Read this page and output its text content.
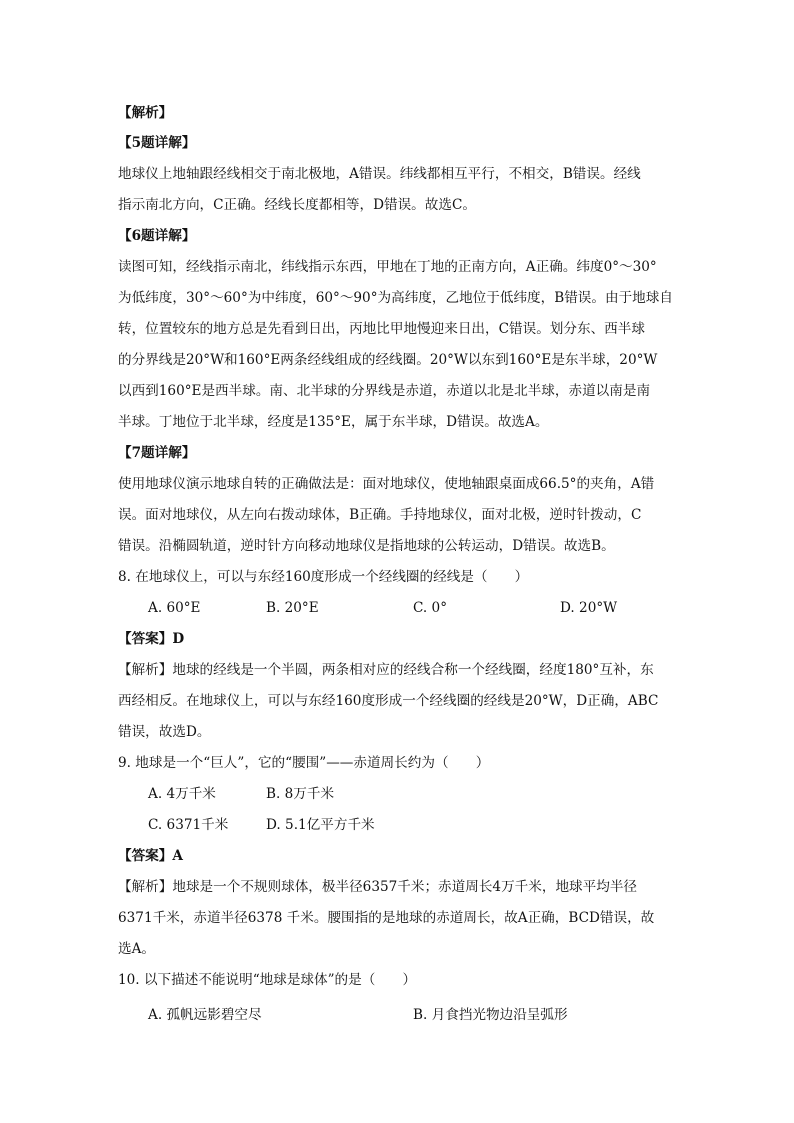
【解析】
【5题详解】
地球仪上地轴跟经线相交于南北极地，A错误。纬线都相互平行，不相交，B错误。经线
指示南北方向，C正确。经线长度都相等，D错误。故选C。
【6题详解】
读图可知，经线指示南北，纬线指示东西，甲地在丁地的正南方向，A正确。纬度0°～30°
为低纬度，30°～60°为中纬度，60°～90°为高纬度，乙地位于低纬度，B错误。由于地球自
转，位置较东的地方总是先看到日出，丙地比甲地慢迎来日出，C错误。划分东、西半球
的分界线是20°W和160°E两条经线组成的经线圈。20°W以东到160°E是东半球，20°W
以西到160°E是西半球。南、北半球的分界线是赤道，赤道以北是北半球，赤道以南是南
半球。丁地位于北半球，经度是135°E，属于东半球，D错误。故选A。
【7题详解】
使用地球仪演示地球自转的正确做法是：面对地球仪，使地轴跟桌面成66.5°的夹角，A错
误。面对地球仪，从左向右拨动球体，B正确。手持地球仪，面对北极，逆时针拨动，C
错误。沿椭圆轨道，逆时针方向移动地球仪是指地球的公转运动，D错误。故选B。
8. 在地球仪上，可以与东经160度形成一个经线圈的经线是（　　）
A. 60°E	B. 20°E	C. 0°	D. 20°W
【答案】D
【解析】地球的经线是一个半圆，两条相对应的经线合称一个经线圈，经度180°互补，东
西经相反。在地球仪上，可以与东经160度形成一个经线圈的经线是20°W，D正确，ABC
错误，故选D。
9. 地球是一个“巨人”，它的“腰围”——赤道周长约为（　　）
A. 4万千米	B. 8万千米
C. 6371千米	D. 5.1亿平方千米
【答案】A
【解析】地球是一个不规则球体，极半径6357千米；赤道周长4万千米，地球平均半径
6371千米，赤道半径6378 千米。腰围指的是地球的赤道周长，故A正确，BCD错误，故
选A。
10. 以下描述不能说明“地球是球体”的是（　　）
A. 孤帆远影碧空尽	B. 月食挡光物边沿呈弧形
